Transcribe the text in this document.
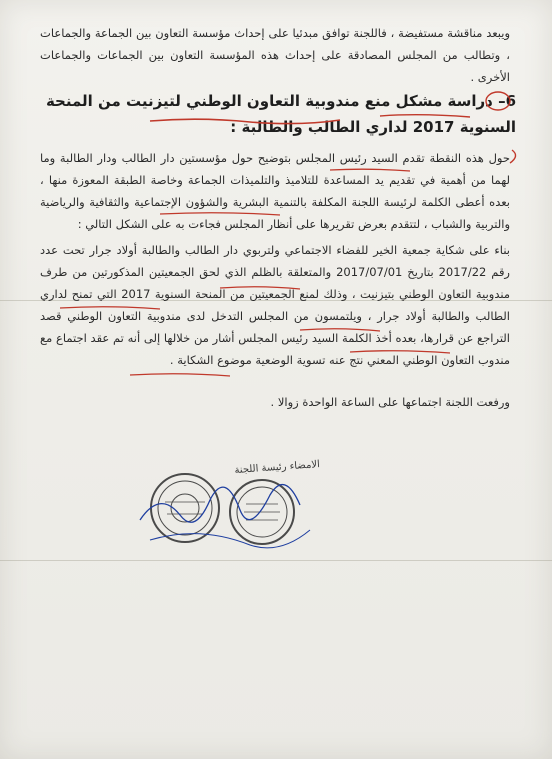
ويبعد مناقشة مستفيضة ، فاللجنة توافق مبدئيا على إحداث مؤسسة التعاون بين الجماعة والجماعات ، وتطالب من المجلس المصادقة على إحداث هذه المؤسسة التعاون بين الجماعات والجماعات الأخرى .

6– دراسة مشكل منع مندوبية التعاون الوطني لتيزنيت من المنحة السنوية 2017 لداري الطالب والطالبة :

حول هذه النقطة تقدم السيد رئيس المجلس بتوضيح حول مؤسستين دار الطالب ودار الطالبة وما لهما من أهمية في تقديم يد المساعدة للتلاميذ والتلميذات الجماعة وخاصة الطبقة المعوزة منها ، بعده أعطى الكلمة لرئيسة اللجنة المكلفة بالتنمية البشرية والشؤون الإجتماعية والثقافية والرياضية والتربية والشباب ، لتتقدم بعرض تقريرها على أنظار المجلس فجاءت به على الشكل التالي :

بناء على شكاية جمعية الخير للفضاء الاجتماعي ولتربوي دار الطالب والطالبة أولاد جرار تحت عدد رقم 2017/22 بتاريخ 2017/07/01 والمتعلقة بالظلم الذي لحق الجمعيتين المذكورتين من طرف مندوبية التعاون الوطني بتيزنيت ، وذلك لمنع الجمعيتين من المنحة السنوية 2017 التي تمنح لداري الطالب والطالبة أولاد جرار ، ويلتمسون من المجلس التدخل لدى مندوبية التعاون الوطني قصد التراجع عن قرارها، بعده أخذ الكلمة السيد رئيس المجلس أشار من خلالها إلى أنه تم عقد اجتماع مع مندوب التعاون الوطني المعني نتج عنه تسوية الوضعية موضوع الشكاية .

ورفعت اللجنة اجتماعها على الساعة الواحدة زوالا .

الامضاء رئيسة اللجنة
